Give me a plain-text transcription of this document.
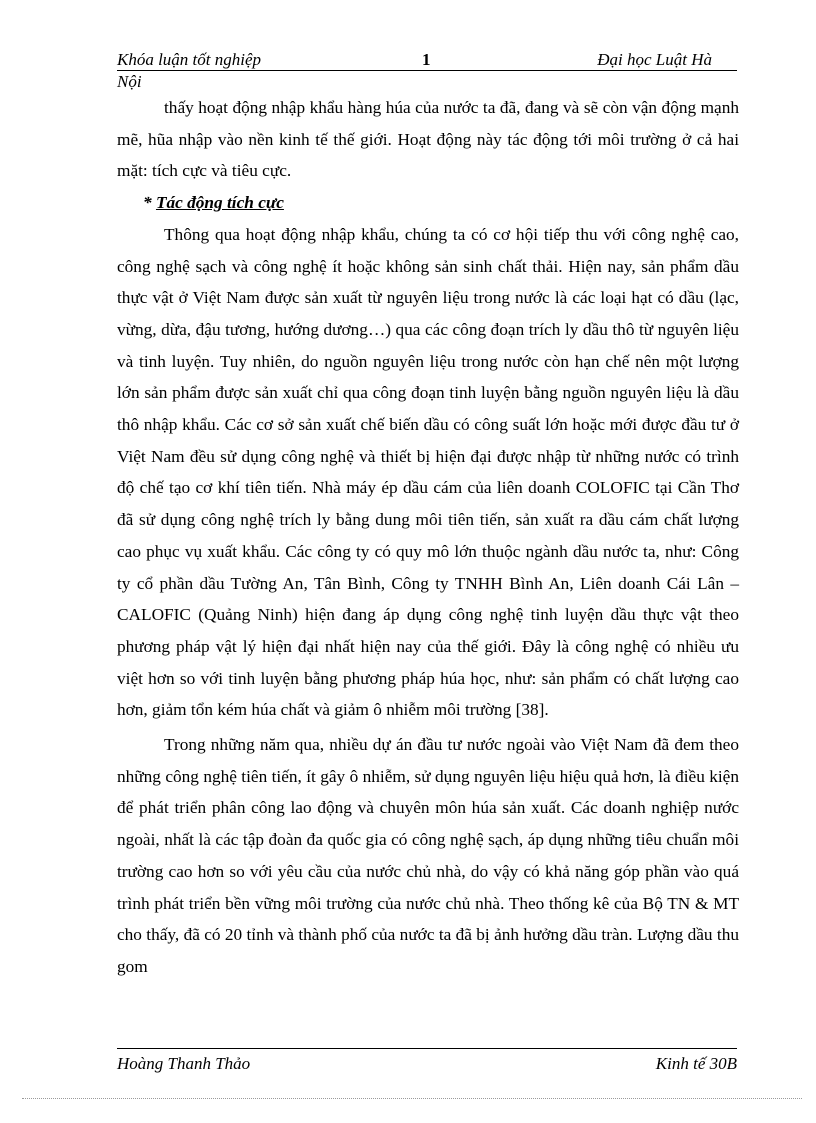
Khóa luận tốt nghiệp	1	Đại học Luật Hà
Nội

thấy hoạt động nhập khẩu hàng húa của nước ta đã, đang và sẽ còn vận động mạnh mẽ, hũa nhập vào nền kinh tế thế giới. Hoạt động này tác động tới môi trường ở cả hai mặt: tích cực và tiêu cực.

* Tác động tích cực

Thông qua hoạt động nhập khẩu, chúng ta có cơ hội tiếp thu với công nghệ cao, công nghệ sạch và công nghệ ít hoặc không sản sinh chất thải. Hiện nay, sản phẩm dầu thực vật ở Việt Nam được sản xuất từ nguyên liệu trong nước là các loại hạt có dầu (lạc, vừng, dừa, đậu tương, hướng dương…) qua các công đoạn trích ly dầu thô từ nguyên liệu và tinh luyện. Tuy nhiên, do nguồn nguyên liệu trong nước còn hạn chế nên một lượng lớn sản phẩm được sản xuất chỉ qua công đoạn tinh luyện bằng nguồn nguyên liệu là dầu thô nhập khẩu. Các cơ sở sản xuất chế biến dầu có công suất lớn hoặc mới được đầu tư ở Việt Nam đều sử dụng công nghệ và thiết bị hiện đại được nhập từ những nước có trình độ chế tạo cơ khí tiên tiến. Nhà máy ép dầu cám của liên doanh COLOFIC tại Cần Thơ đã sử dụng công nghệ trích ly bằng dung môi tiên tiến, sản xuất ra dầu cám chất lượng cao phục vụ xuất khẩu. Các công ty có quy mô lớn thuộc ngành dầu nước ta, như: Công ty cổ phần dầu Tường An, Tân Bình, Công ty TNHH Bình An, Liên doanh Cái Lân – CALOFIC (Quảng Ninh) hiện đang áp dụng công nghệ tinh luyện dầu thực vật theo phương pháp vật lý hiện đại nhất hiện nay của thế giới. Đây là công nghệ có nhiều ưu việt hơn so với tinh luyện bằng phương pháp húa học, như: sản phẩm có chất lượng cao hơn, giảm tổn kém húa chất và giảm ô nhiễm môi trường [38].

Trong những năm qua, nhiều dự án đầu tư nước ngoài vào Việt Nam đã đem theo những công nghệ tiên tiến, ít gây ô nhiễm, sử dụng nguyên liệu hiệu quả hơn, là điều kiện để phát triển phân công lao động và chuyên môn húa sản xuất. Các doanh nghiệp nước ngoài, nhất là các tập đoàn đa quốc gia có công nghệ sạch, áp dụng những tiêu chuẩn môi trường cao hơn so với yêu cầu của nước chủ nhà, do vậy có khả năng góp phần vào quá trình phát triển bền vững môi trường của nước chủ nhà. Theo thống kê của Bộ TN & MT cho thấy, đã có 20 tỉnh và thành phố của nước ta đã bị ảnh hưởng dầu tràn. Lượng dầu thu gom

Hoàng Thanh Thảo	Kinh tế 30B
